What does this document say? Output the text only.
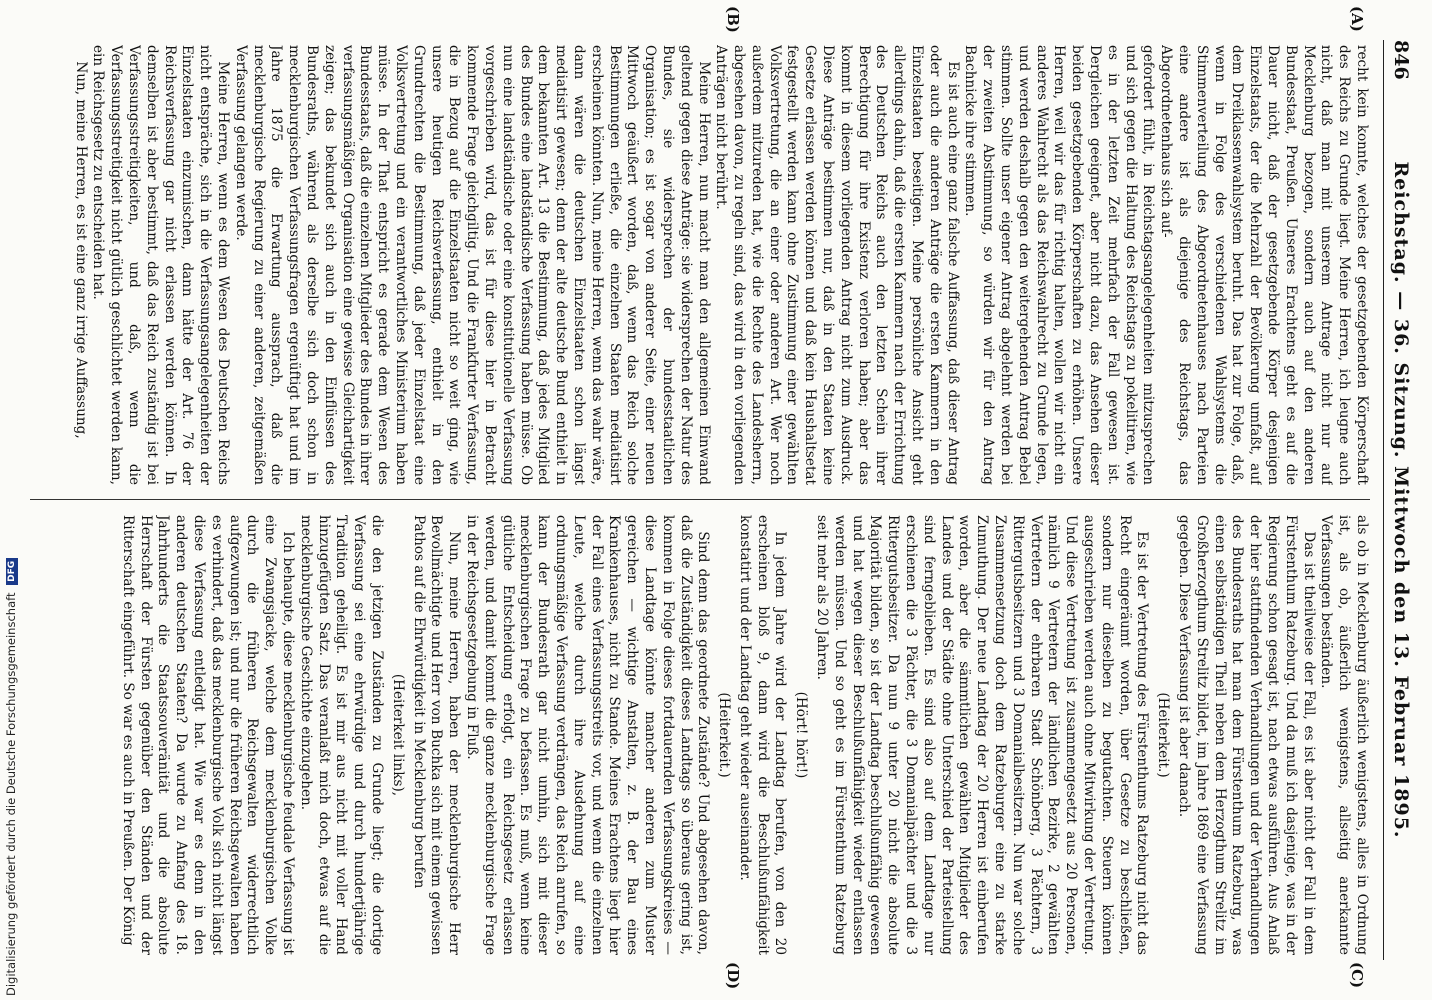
846
Reichstag. — 36. Sitzung. Mittwoch den 13. Februar 1895.
(A)
(B)
(C)
(D)

recht kein konnte, welches der gesetzgebenden Körperschaft des Reichs zu Grunde liegt. Meine Herren, ich leugne auch nicht, daß man mit unserem Antrage nicht nur auf Mecklenburg bezogen, sondern auch auf den anderen Bundesstaat, Preußen. Unseres Erachtens geht es auf die Dauer nicht, daß der gesetzgebende Körper desjenigen Einzelstaats, der die Mehrzahl der Bevölkerung umfaßt, auf dem Dreiklassenwahlsystem beruht. Das hat zur Folge, daß, wenn in Folge des verschiedenen Wahlsystems die Stimmenverteilung des Abgeordnetenhauses nach Parteien eine andere ist als diejenige des Reichstags, das Abgeordnetenhaus sich auf-

gefordert fühlt, in Reichstagsangelegenheiten mitzusprechen und sich gegen die Haltung des Reichstags zu pokelitiren, wie es in der letzten Zeit mehrfach der Fall gewesen ist. Dergleichen geeignet, aber nicht dazu, das Ansehen dieser beiden gesetzgebenden Körperschaften zu erhöhen. Unsere Herren, weil wir das für richtig halten, wollen wir nicht ein anderes Wahlrecht als das Reichswahlrecht zu Grunde legen, und werden deshalb gegen den weitergehenden Antrag Bebel stimmen. Sollte unser eigener Antrag abgelehnt werden bei der zweiten Abstimmung, so würden wir für den Antrag Bachnicke ihre stimmen.

Es ist auch eine ganz falsche Auffassung, daß dieser Antrag oder auch die anderen Anträge die ersten Kammern in den Einzelstaaten beseitigen. Meine persönliche Ansicht geht allerdings dahin, daß die ersten Kammern nach der Errichtung des Deutschen Reichs auch den letzten Schein ihrer Berechtigung für ihre Existenz verloren haben; aber das kommt in diesem vorliegenden Antrag nicht zum Ausdruck. Diese Anträge bestimmen nur, daß in den Staaten keine Gesetze erlassen werden können und daß kein Haushaltsetat festgestellt werden kann ohne Zustimmung einer gewählten Volksvertretung, die an einer oder anderen Art. Wer noch außerdem mitzureden hat, wie die Rechte des Landesherrn, abgesehen davon, zu regeln sind, das wird in den vorliegenden Anträgen nicht berührt.

Meine Herren, nun macht man den allgemeinen Einwand geltend gegen diese Anträge: sie widersprechen der Natur des Bundes, sie widersprechen der bundesstaatlichen Organisation; es ist sogar von anderer Seite, einer neuen Mittwoch geäußert worden, daß, wenn das Reich solche Bestimmungen erließe, die einzelnen Staaten mediatisirt erscheinen könnten. Nun, meine Herren, wenn das wahr wäre, dann wären die deutschen Einzelstaaten schon längst mediatisirt gewesen; denn der alte deutsche Bund enthielt in dem bekannten Art. 13 die Bestimmung, daß jedes Mitglied des Bundes eine landständische Verfassung haben müsse. Ob nun eine landständische oder eine konstitutionelle Verfassung vorgeschrieben wird, das ist für diese hier in Betracht kommende Frage gleichgiltig. Und die Frankfurter Verfassung, die in Bezug auf die Einzelstaaten nicht so weit ging, wie unsere heutigen Reichsverfassung, enthielt in den Grundrechten die Bestimmung, daß jeder Einzelstaat eine Volksvertretung und ein verantwortliches Ministerium haben müsse. In der That entspricht es gerade dem Wesen des Bundesstaats, daß die einzelnen Mitglieder des Bundes in ihrer verfassungsmäßigen Organisation eine gewisse Gleichartigkeit zeigen; das bekundet sich auch in den Einflüssen des Bundesraths, während als derselbe sich doch schon in mecklenburgischen Verfassungsfragen ergenüftigt hat und im Jahre 1875 die Erwartung aussprach, daß die mecklenburgische Regierung zu einer anderen, zeitgemäßen Verfassung gelangen werde.

Meine Herren, wenn es dem Wesen des Deutschen Reichs nicht entspräche, sich in die Verfassungsangelegenheiten der Einzelstaaten einzumischen, dann hätte der Art. 76 der Reichsverfassung gar nicht erlassen werden können. In demselben ist aber bestimmt, daß das Reich zuständig ist bei Verfassungsstreitigkeiten, und daß, wenn die Verfassungsstreitigkeit nicht gütlich geschlichtet werden kann, ein Reichsgesetz zu entscheiden hat.

Nun, meine Herren, es ist eine ganz irrige Auffassung,

als ob in Mecklenburg äußerlich wenigstens, alles in Ordnung ist, als ob, äußerlich wenigstens, allseitig anerkannte Verfassungen beständen.

Das ist theilweise der Fall, es ist aber nicht der Fall in dem Fürstenthum Ratzeburg. Und da muß ich dasjenige, was in der Regierung schon gesagt ist, nach etwas ausführen. Aus Anlaß der hier stattfindenden Verhandlungen und der Verhandlungen des Bundesraths hat man dem Fürstenthum Ratzeburg, was einen selbständigen Theil neben dem Herzogthum Strelitz im Großherzogthum Strelitz bildet, im Jahre 1869 eine Verfassung gegeben. Diese Verfassung ist aber danach.

(Heiterkeit.)

Es ist der Vertretung des Fürstenthums Ratzeburg nicht das Recht eingeräumt worden, über Gesetze zu beschließen, sondern nur dieselben zu begutachten. Steuern können ausgeschrieben werden auch ohne Mitwirkung der Vertretung. Und diese Vertretung ist zusammengesetzt aus 20 Personen, nämlich 9 Vertretern der ländlichen Bezirke, 2 gewählten Vertretern der ehrbaren Stadt Schönberg, 3 Pächtern, 3 Rittergutsbesitzern und 3 Domanialbesitzern. Nun war solche Zusammensetzung doch dem Ratzeburger eine zu starke Zumuthung. Der neue Landtag der 20 Herren ist einberufen worden, aber die sämmtlichen gewählten Mitglieder des Landes und der Städte ohne Unterschied der Parteistellung sind ferngeblieben. Es sind also auf dem Landtage nur erschienen die 3 Pächter, die 3 Domanialpächter und die 3 Rittergutsbesitzer. Da nun 9 unter 20 nicht die absolute Majorität bilden, so ist der Landtag beschlußunfähig gewesen und hat wegen dieser Beschlußunfähigkeit wieder entlassen werden müssen. Und so geht es im Fürstenthum Ratzeburg seit mehr als 20 Jahren.

(Hört! hört!)

In jedem Jahre wird der Landtag berufen, von den 20 erscheinen bloß 9, dann wird die Beschlußunfähigkeit konstatirt und der Landtag geht wieder auseinander.

(Heiterkeit.)

Sind denn das geordnete Zustände? Und abgesehen davon, daß die Zuständigkeit dieses Landtags so überaus gering ist, kommen in Folge dieses fortdauernden Verfassungskreises — diese Landtage könnte mancher anderen zum Muster gereichen — wichtige Anstalten, z. B. der Bau eines Krankenhauses, nicht zu Stande. Meines Erachtens liegt hier der Fall eines Verfassungsstreits vor, und wenn die einzelnen Leute, welche durch ihre Ausdehnung auf eine ordnungsmäßige Verfassung verdrängen, das Reich anrufen, so kann der Bundesrath gar nicht umhin, sich mit dieser mecklenburgischen Frage zu befassen. Es muß, wenn keine gütliche Entscheidung erfolgt, ein Reichsgesetz erlassen werden, und damit kommt die ganze mecklenburgische Frage in der Reichsgesetzgebung in Fluß.

Nun, meine Herren, haben der mecklenburgische Herr Bevollmächtigte und Herr von Buchka sich mit einem gewissen Pathos auf die Ehrwürdigkeit in Mecklenburg berufen

(Heiterkeit links),

die den jetzigen Zuständen zu Grunde liegt; die dortige Verfassung sei eine ehrwürdige und durch hundertjährige Tradition geheiligt. Es ist mir aus nicht mit voller Hand hinzugefügten Satz. Das veranlaßt mich doch, etwas auf die mecklenburgische Geschichte einzugehen.

Ich behaupte, diese mecklenburgische feudale Verfassung ist eine Zwangsjacke, welche dem mecklenburgischen Volke durch die früheren Reichsgewalten widerrechtlich aufgezwungen ist; und nur die früheren Reichsgewalten haben es verhindert, daß das mecklenburgische Volk sich nicht längst diese Verfassung entledigt hat. Wie war es denn in den anderen deutschen Staaten? Da wurde zu Anfang des 18. Jahrhunderts die Staatssouveränität und die absolute Herrschaft der Fürsten gegenüber den Ständen und der Ritterschaft eingeführt. So war es auch in Preußen. Der König

Digitalisierung gefördert durch die Deutsche Forschungsgemeinschaft DFG
